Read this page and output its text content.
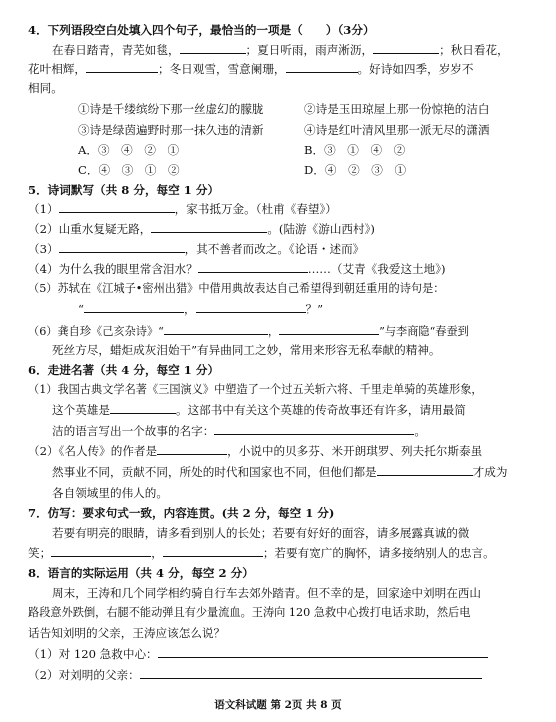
4．下列语段空白处填入四个句子，最恰当的一项是（　　）（3分）
在春日踏青，青芜如毯，	；夏日听雨，雨声淅沥，	；秋日看花，
花叶相辉，	；冬日观雪，雪意阑珊，	。好诗如四季，岁岁不
相同。
①诗是千缕缤纷下那一丝虚幻的朦胧	②诗是玉田琼屋上那一份惊艳的洁白
③诗是绿茵遍野时那一抹久违的清新	④诗是红叶清风里那一派无尽的潇洒
A．③　④　②　①	B．③　①　④　②
C．④　③　①　②	D．④　②　③　①
5．诗词默写（共 8 分，每空 1 分）
（1）	，家书抵万金。（杜甫《春望》）
（2）山重水复疑无路，	。(陆游《游山西村》)
（3）	，其不善者而改之。《论语・述而》
（4）为什么我的眼里常含泪水？	……（艾青《我爱这土地》)
（5）苏轼在《江城子•密州出猎》中借用典故表达自己希望得到朝廷重用的诗句是：
“	，	？”
（6）龚自珍《己亥杂诗》“	，	”与李商隐“春蚕到
死丝方尽，蜡炬成灰泪始干”有异曲同工之妙，常用来形容无私奉献的精神。
6．走进名著（共 4 分，每空 1 分）
（1）我国古典文学名著《三国演义》中塑造了一个过五关斩六将、千里走单骑的英雄形象，
这个英雄是	。这部书中有关这个英雄的传奇故事还有许多，请用最简
洁的语言写出一个故事的名字：	。
（2）《名人传》的作者是	，小说中的贝多芬、米开朗琪罗、列夫托尔斯泰虽
然事业不同，贡献不同，所处的时代和国家也不同，但他们都是	才成为
各自领域里的伟人的。
7．仿写：要求句式一致，内容连贯。(共 2 分，每空 1 分)
若要有明亮的眼睛，请多看到别人的长处；若要有好好的面容，请多展露真诚的微
笑；	，	；若要有宽广的胸怀，请多接纳别人的忠言。
8．语言的实际运用（共 4 分，每空 2 分）
周末，王涛和几个同学相约骑自行车去郊外踏青。但不幸的是，回家途中刘明在西山
路段意外跌倒，右腿不能动弹且有少量流血。王涛向 120 急救中心拨打电话求助，然后电
话告知刘明的父亲，王涛应该怎么说？
（1）对 120 急救中心：
（2）对刘明的父亲：
语文科试题 第 2页 共 8 页
